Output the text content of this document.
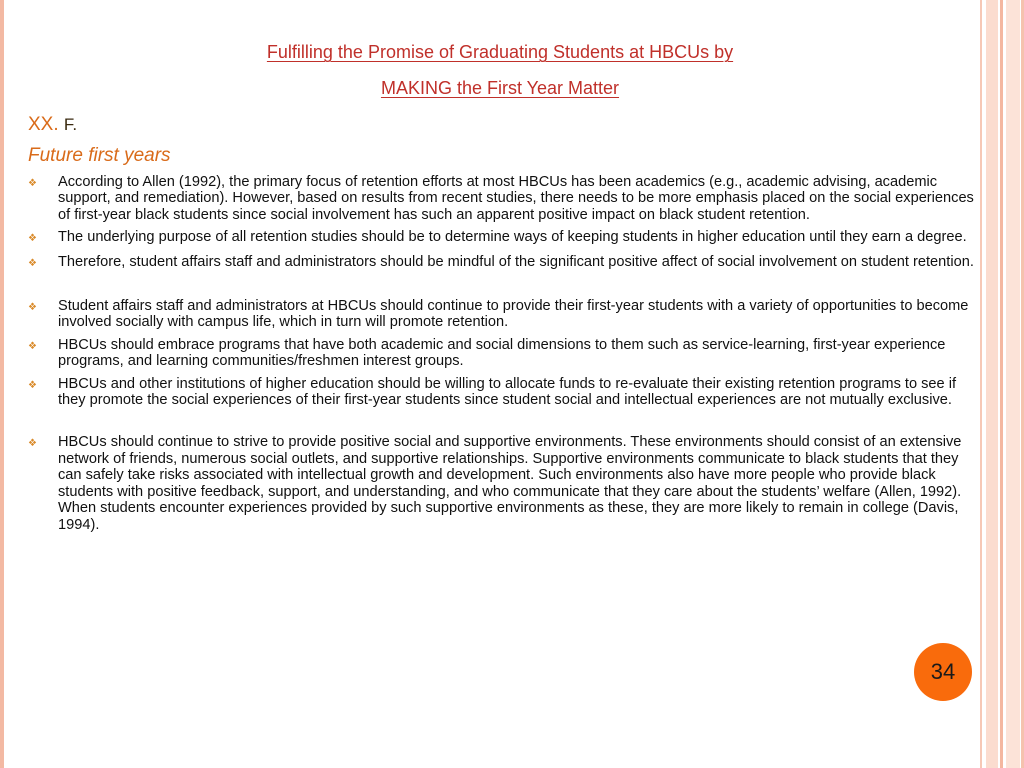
Fulfilling the Promise of Graduating Students at HBCUs by
MAKING the First Year Matter
XX. F.
Future first years
❖	According to Allen (1992), the primary focus of retention efforts at most HBCUs has been academics (e.g., academic advising, academic support, and remediation). However, based on results from recent studies, there needs to be more emphasis placed on the social experiences of first-year black students since social involvement has such an apparent positive impact on black student retention.
❖	The underlying purpose of all retention studies should be to determine ways of keeping students in higher education until they earn a degree.
❖	Therefore, student affairs staff and administrators should be mindful of the significant positive affect of social involvement on student retention.
❖	Student affairs staff and administrators at HBCUs should continue to provide their first-year students with a variety of opportunities to become involved socially with campus life, which in turn will promote retention.
❖	HBCUs should embrace programs that have both academic and social dimensions to them such as service-learning, first-year experience programs, and learning communities/freshmen interest groups.
❖	HBCUs and other institutions of higher education should be willing to allocate funds to re-evaluate their existing retention programs to see if they promote the social experiences of their first-year students since student social and intellectual experiences are not mutually exclusive.
❖	HBCUs should continue to strive to provide positive social and supportive environments. These environments should consist of an extensive network of friends, numerous social outlets, and supportive relationships. Supportive environments communicate to black students that they can safely take risks associated with intellectual growth and development. Such environments also have more people who provide black students with positive feedback, support, and understanding, and who communicate that they care about the students’ welfare (Allen, 1992). When students encounter experiences provided by such supportive environments as these, they are more likely to remain in college (Davis, 1994).
34
